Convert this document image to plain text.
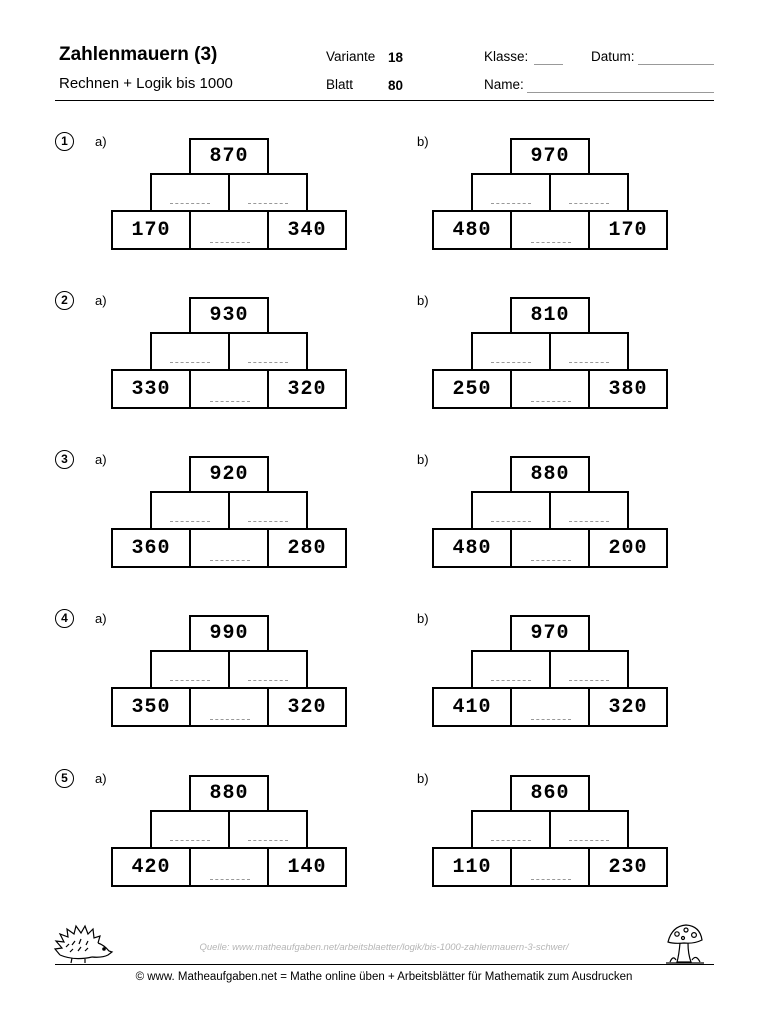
Zahlenmauern (3)
Rechnen + Logik bis 1000
Variante 18
Blatt	80
Klasse:	Datum:
Name:
1	a)
870
170	340
b)
970
480	170
2	a)
930
330	320
b)
810
250	380
3	a)
920
360	280
b)
880
480	200
4	a)
990
350	320
b)
970
410	320
5	a)
880
420	140
b)
860
110	230
Quelle: www.matheaufgaben.net/arbeitsblaetter/logik/bis-1000-zahlenmauern-3-schwer/
© www. Matheaufgaben.net = Mathe online üben + Arbeitsblätter für Mathematik zum Ausdrucken
